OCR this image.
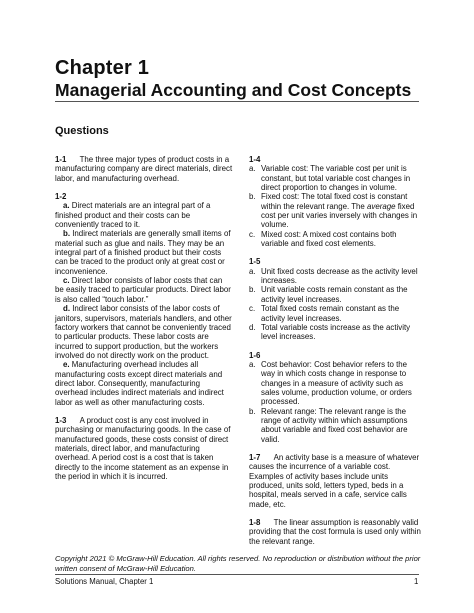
Chapter 1
Managerial Accounting and Cost Concepts
Questions

1-1 The three major types of product costs in a manufacturing company are direct materials, direct labor, and manufacturing overhead.

1-2

a. Direct materials are an integral part of a finished product and their costs can be conveniently traced to it.

b. Indirect materials are generally small items of material such as glue and nails. They may be an integral part of a finished product but their costs can be traced to the product only at great cost or inconvenience.

c. Direct labor consists of labor costs that can be easily traced to particular products. Direct labor is also called “touch labor.”

d. Indirect labor consists of the labor costs of janitors, supervisors, materials handlers, and other factory workers that cannot be conveniently traced to particular products. These labor costs are incurred to support production, but the workers involved do not directly work on the product.

e. Manufacturing overhead includes all manufacturing costs except direct materials and direct labor. Consequently, manufacturing overhead includes indirect materials and indirect labor as well as other manufacturing costs.

1-3 A product cost is any cost involved in purchasing or manufacturing goods. In the case of manufactured goods, these costs consist of direct materials, direct labor, and manufacturing overhead. A period cost is a cost that is taken directly to the income statement as an expense in the period in which it is incurred.

1-4

a. Variable cost: The variable cost per unit is constant, but total variable cost changes in direct proportion to changes in volume.
b. Fixed cost: The total fixed cost is constant within the relevant range. The average fixed cost per unit varies inversely with changes in volume.
c. Mixed cost: A mixed cost contains both variable and fixed cost elements.

1-5

a. Unit fixed costs decrease as the activity level increases.
b. Unit variable costs remain constant as the activity level increases.
c. Total fixed costs remain constant as the activity level increases.
d. Total variable costs increase as the activity level increases.

1-6

a. Cost behavior: Cost behavior refers to the way in which costs change in response to changes in a measure of activity such as sales volume, production volume, or orders processed.
b. Relevant range: The relevant range is the range of activity within which assumptions about variable and fixed cost behavior are valid.

1-7 An activity base is a measure of whatever causes the incurrence of a variable cost. Examples of activity bases include units produced, units sold, letters typed, beds in a hospital, meals served in a cafe, service calls made, etc.

1-8 The linear assumption is reasonably valid providing that the cost formula is used only within the relevant range.

Copyright 2021 © McGraw-Hill Education. All rights reserved. No reproduction or distribution without the prior written consent of McGraw-Hill Education.
Solutions Manual, Chapter 1	1
